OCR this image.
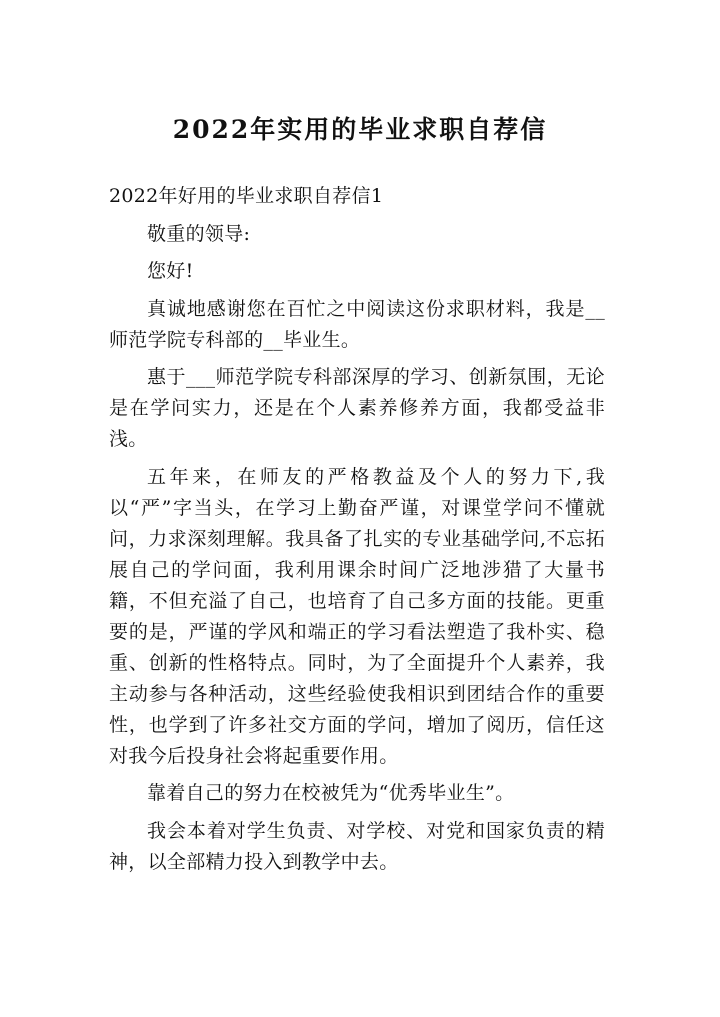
2022年实用的毕业求职自荐信

2022年好用的毕业求职自荐信1

敬重的领导:

您好!

真诚地感谢您在百忙之中阅读这份求职材料，我是__师范学院专科部的__毕业生。

惠于___师范学院专科部深厚的学习、创新氛围，无论是在学问实力，还是在个人素养修养方面，我都受益非浅。

五年来，在师友的严格教益及个人的努力下,我以“严”字当头，在学习上勤奋严谨，对课堂学问不懂就问，力求深刻理解。我具备了扎实的专业基础学问,不忘拓展自己的学问面，我利用课余时间广泛地涉猎了大量书籍，不但充溢了自己，也培育了自己多方面的技能。更重要的是，严谨的学风和端正的学习看法塑造了我朴实、稳重、创新的性格特点。同时，为了全面提升个人素养，我主动参与各种活动，这些经验使我相识到团结合作的重要性，也学到了许多社交方面的学问，增加了阅历，信任这对我今后投身社会将起重要作用。

靠着自己的努力在校被凭为“优秀毕业生”。

我会本着对学生负责、对学校、对党和国家负责的精神，以全部精力投入到教学中去。
